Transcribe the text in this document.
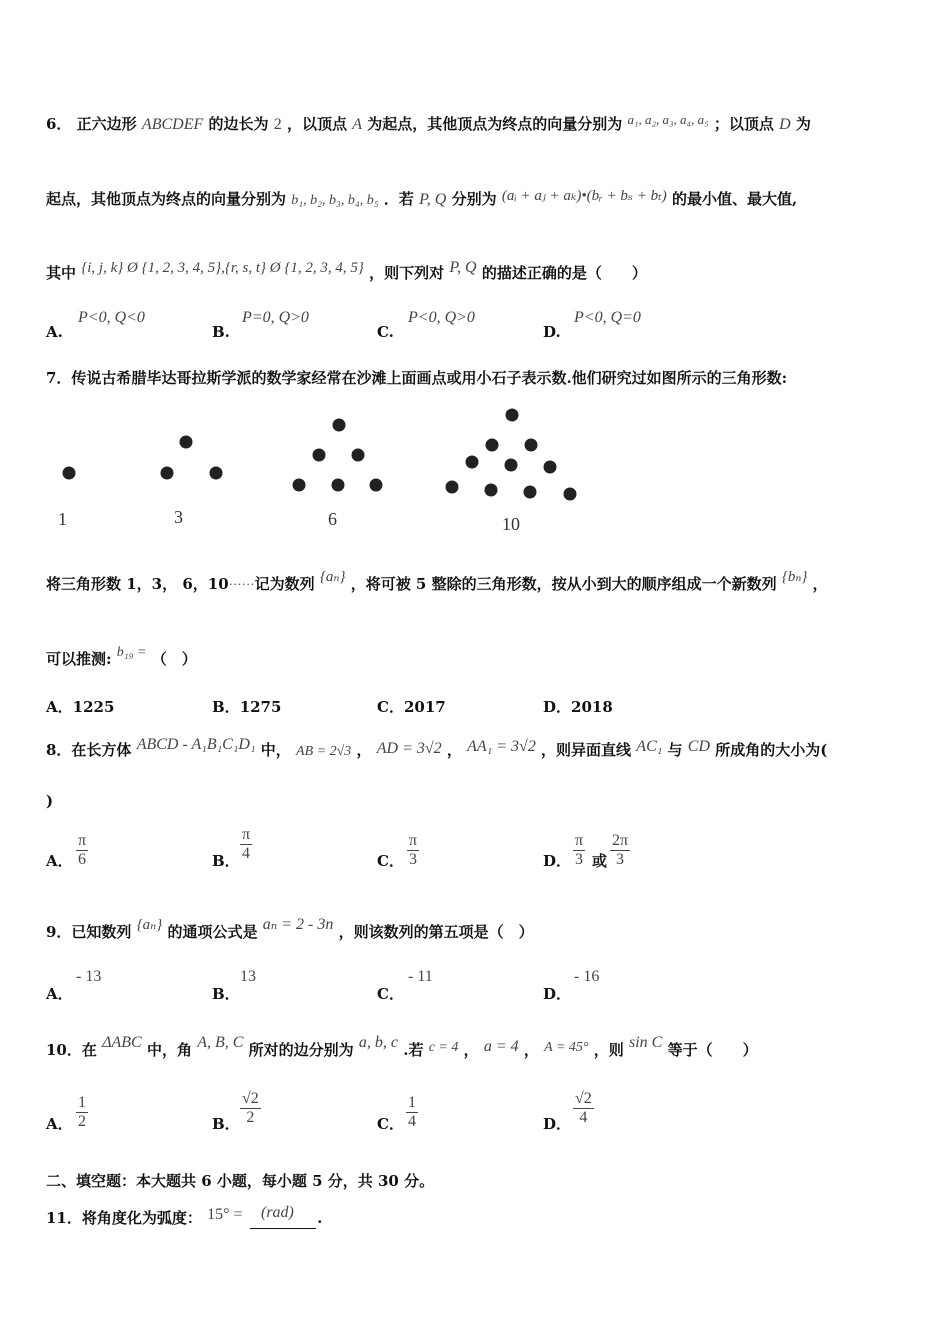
6． 正六边形 ABCDEF 的边长为 2 ，以顶点 A 为起点，其他顶点为终点的向量分别为 a₁, a₂, a₃, a₄, a₅ ；以顶点 D 为
起点，其他顶点为终点的向量分别为 b₁, b₂, b₃, b₄, b₅ ．若 P, Q 分别为 (aᵢ + aⱼ + aₖ)•(bᵣ + bₛ + bₜ) 的最小值、最大值,
其中 {i, j, k} Ø {1, 2, 3, 4, 5},{r, s, t} Ø {1, 2, 3, 4, 5} ，则下列对 P, Q 的描述正确的是（　　）
A.
P<0, Q<0
B.
P=0, Q>0
C.
P<0, Q>0
D.
P<0, Q=0
7．传说古希腊毕达哥拉斯学派的数学家经常在沙滩上面画点或用小石子表示数.他们研究过如图所示的三角形数:
1	3	6	10
将三角形数 1，3， 6，10……记为数列 {aₙ} ，将可被 5 整除的三角形数，按从小到大的顺序组成一个新数列 {bₙ} ，
可以推测: b₁₉ = （　）
A．1225	B．1275	C．2017	D．2018
8．在长方体 ABCD - A₁B₁C₁D₁ 中， AB = 2√3 ， AD = 3√2 ， AA₁ = 3√2 ，则异面直线 AC₁ 与 CD 所成角的大小为(
)
A．
π
6	B．
π
4	C．
π
3	D．
π
3 或
2π
3
9．已知数列 {aₙ} 的通项公式是 aₙ = 2 - 3n ，则该数列的第五项是（　）
A．
- 13
B．
13
C．
- 11
D．
- 16
10．在 ΔABC 中，角 A, B, C 所对的边分别为 a, b, c .若 c = 4 ， a = 4 ， A = 45° ，则 sin C 等于（　　）
A．
1
2	B．
√2
2	C．
1
4	D．
√2
4
二、填空题：本大题共 6 小题，每小题 5 分，共 30 分。
11．将角度化为弧度： 15° = (rad) .
